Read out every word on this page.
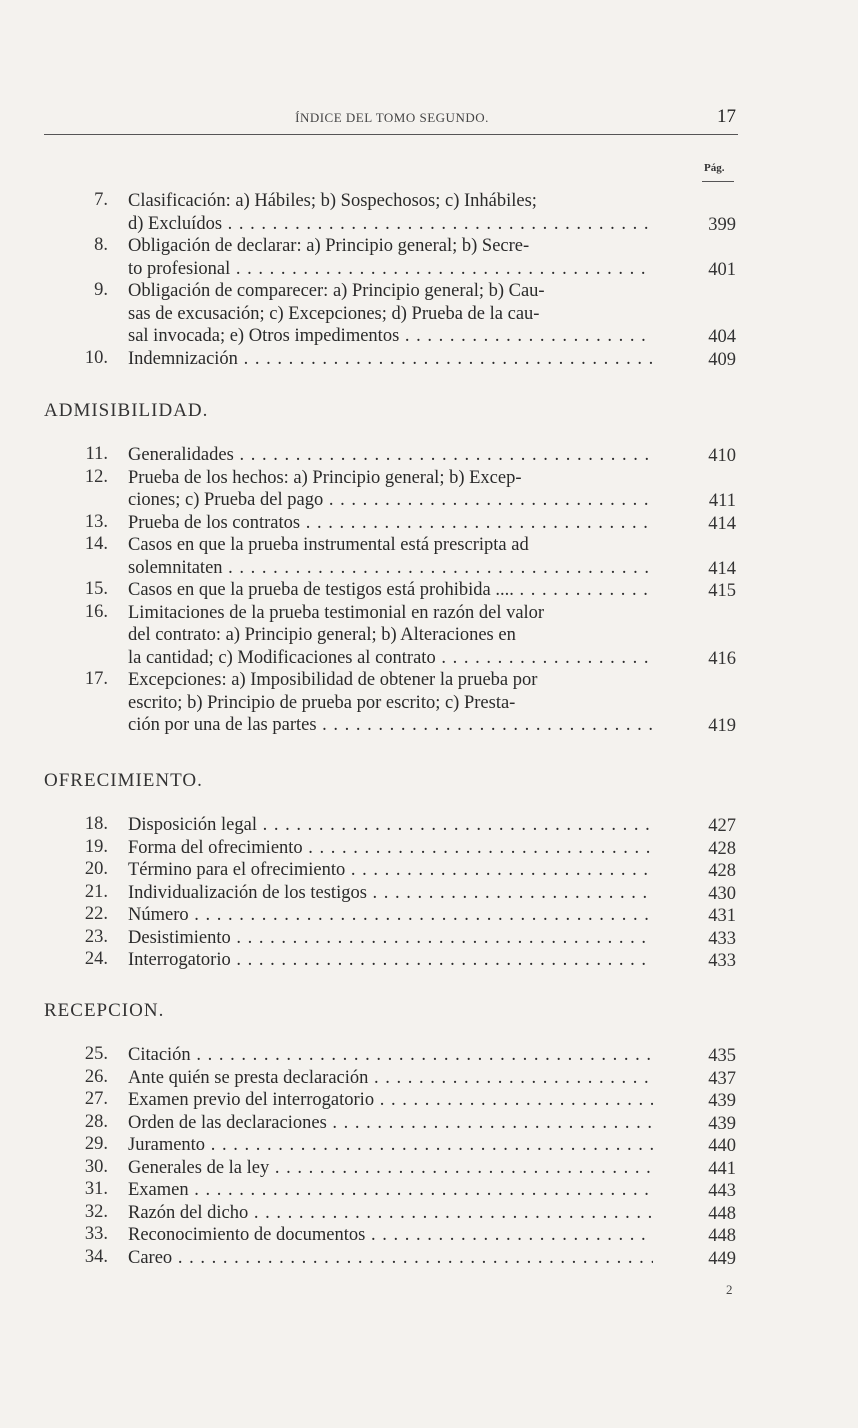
ÍNDICE DEL TOMO SEGUNDO.	17
Pág.
7. Clasificación: a) Hábiles; b) Sospechosos; c) Inhábiles;
d) Excluídos . . .	399
8. Obligación de declarar: a) Principio general; b) Secre-
to profesional . . .	401
9. Obligación de comparecer: a) Principio general; b) Cau-
sas de excusación; c) Excepciones; d) Prueba de la cau-
sal invocada; e) Otros impedimentos . . .	404
10. Indemnización . . .	409
ADMISIBILIDAD.
11. Generalidades . . .	410
12. Prueba de los hechos: a) Principio general; b) Excep-
ciones; c) Prueba del pago . . .	411
13. Prueba de los contratos . . .	414
14. Casos en que la prueba instrumental está prescripta ad
solemnitaten . . .	414
15. Casos en que la prueba de testigos está prohibida .... . . .	415
16. Limitaciones de la prueba testimonial en razón del valor
del contrato: a) Principio general; b) Alteraciones en
la cantidad; c) Modificaciones al contrato . . .	416
17. Excepciones: a) Imposibilidad de obtener la prueba por
escrito; b) Principio de prueba por escrito; c) Presta-
ción por una de las partes . . .	419
OFRECIMIENTO.
18. Disposición legal . . .	427
19. Forma del ofrecimiento . . .	428
20. Término para el ofrecimiento . . .	428
21. Individualización de los testigos . . .	430
22. Número . . .	431
23. Desistimiento . . .	433
24. Interrogatorio . . .	433
RECEPCION.
25. Citación . . .	435
26. Ante quién se presta declaración . . .	437
27. Examen previo del interrogatorio . . .	439
28. Orden de las declaraciones . . .	439
29. Juramento . . .	440
30. Generales de la ley . . .	441
31. Examen . . .	443
32. Razón del dicho . . .	448
33. Reconocimiento de documentos . . .	448
34. Careo . . .	449
2
